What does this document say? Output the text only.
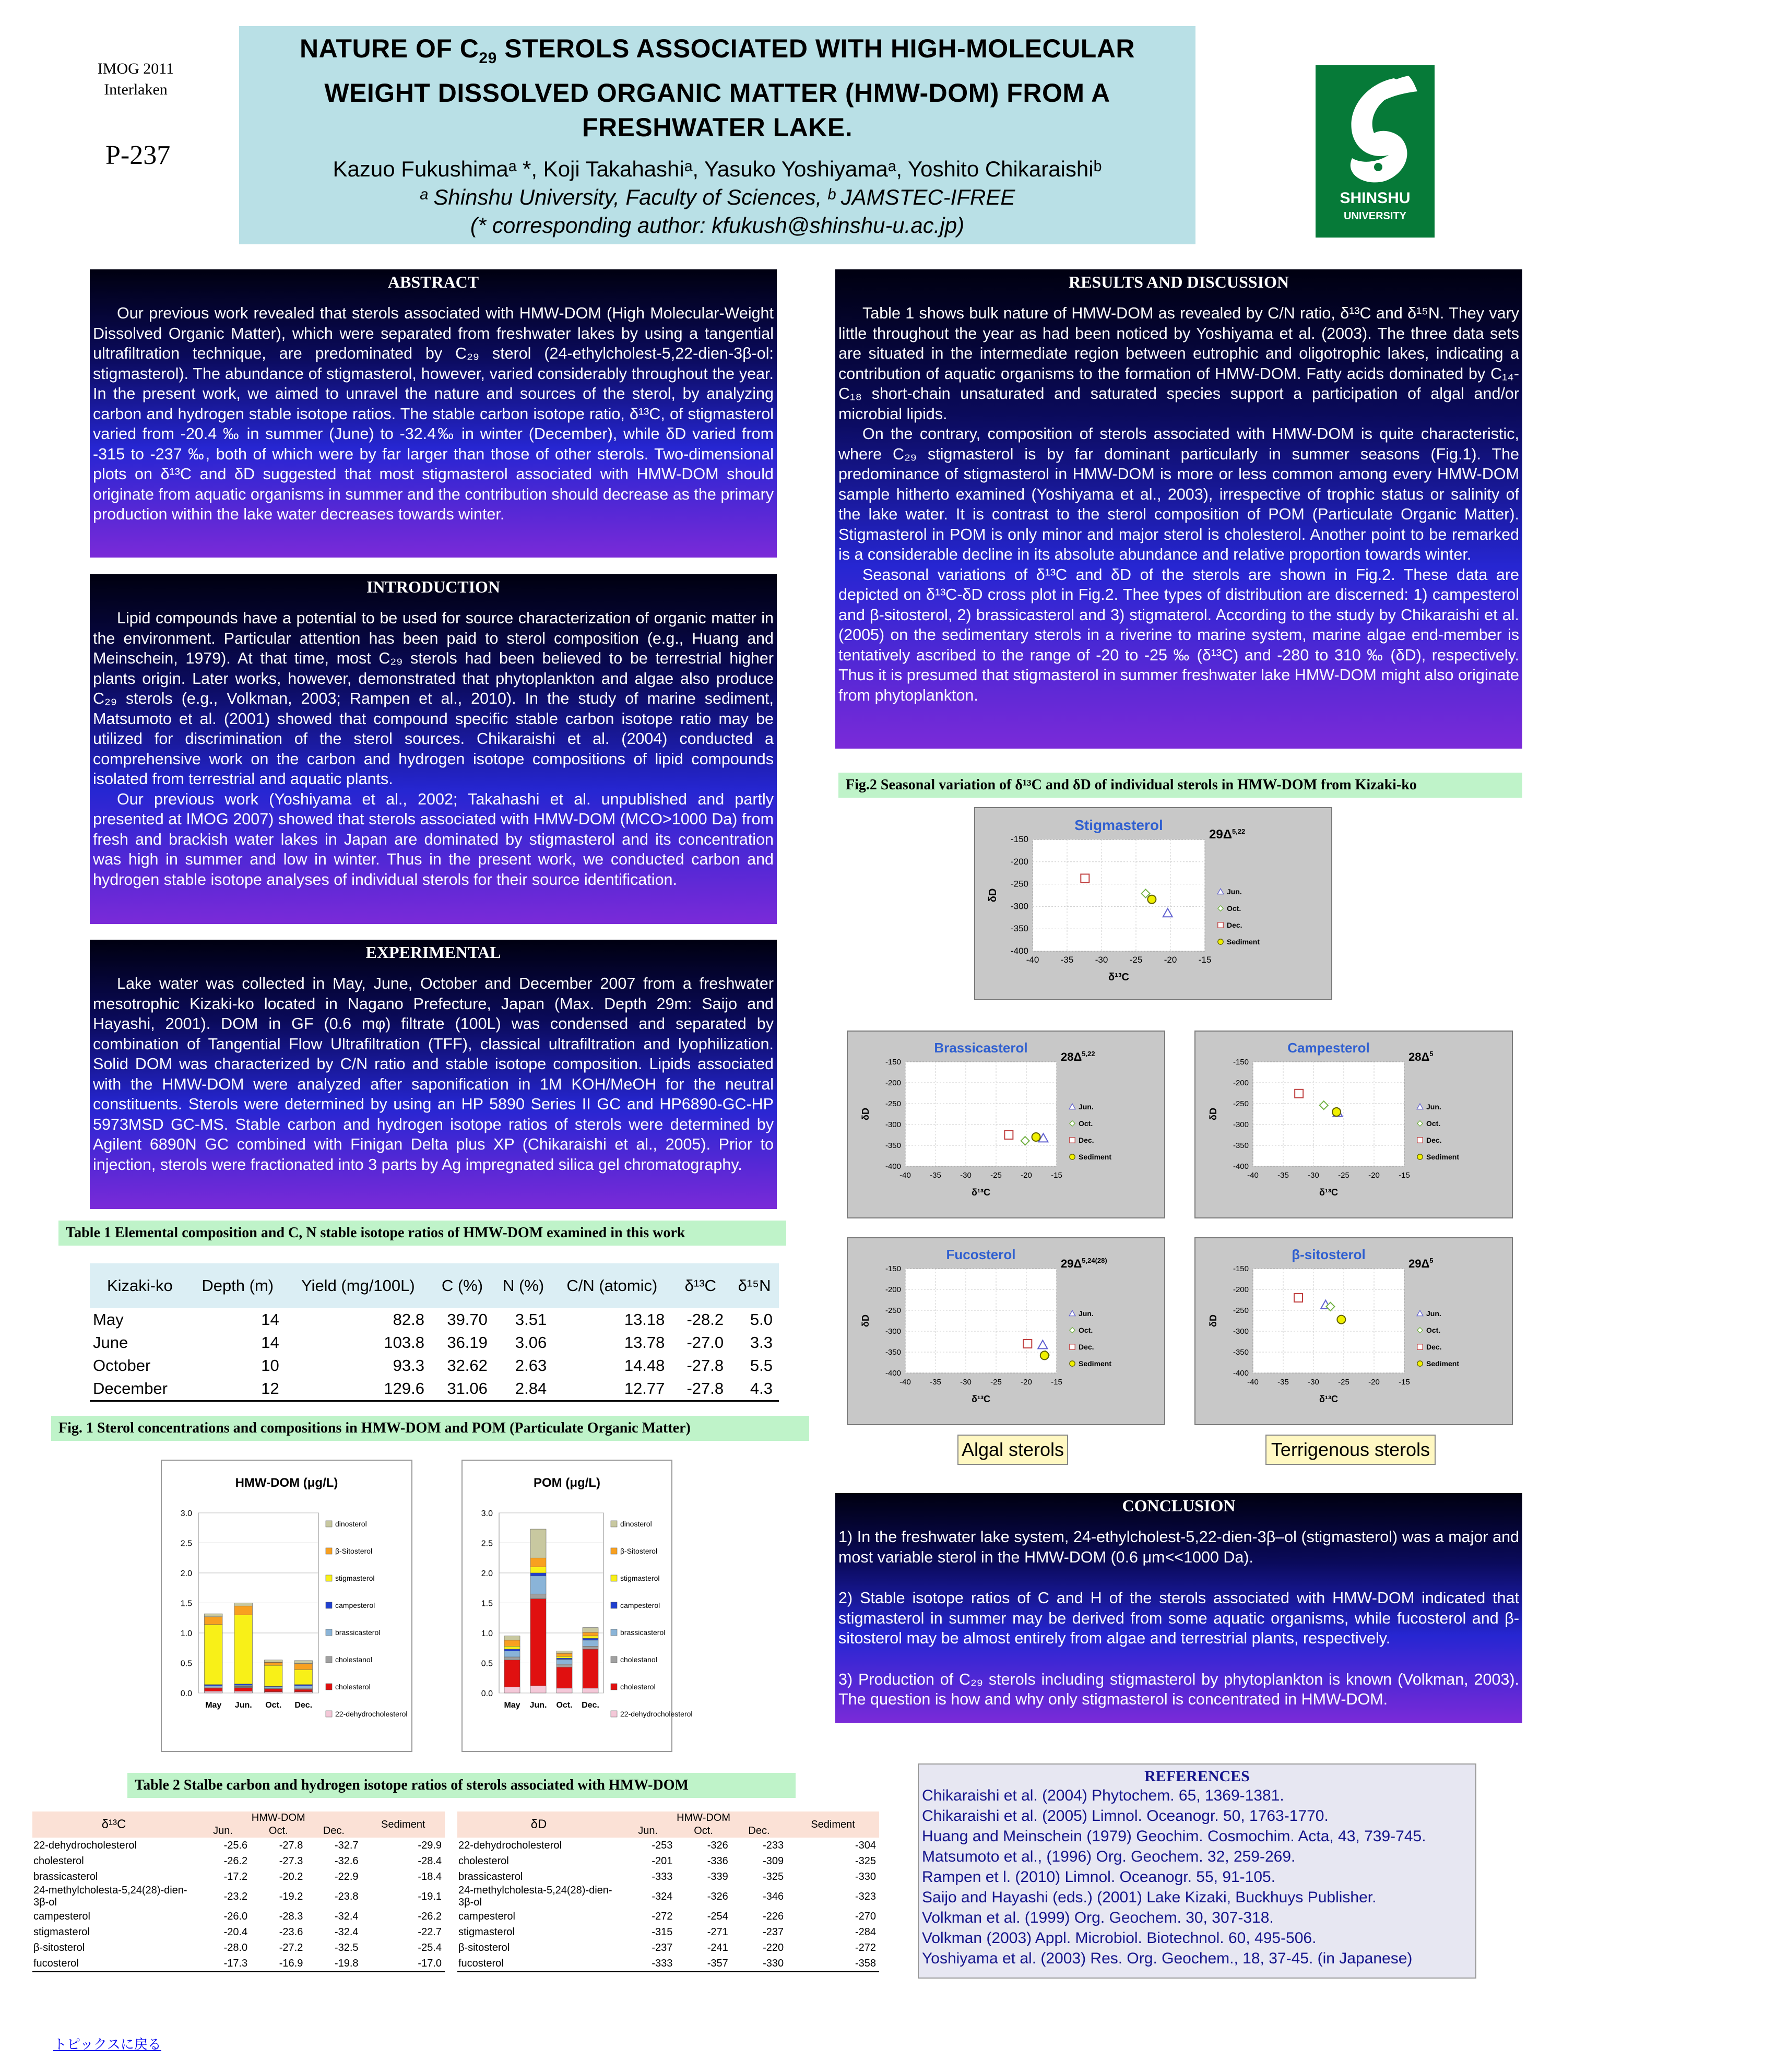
IMOG 2011
Interlaken
P-237
NATURE OF $C_{29}$ STEROLS ASSOCIATED WITH HIGH-MOLECULAR
WEIGHT DISSOLVED ORGANIC MATTER (HMW-DOM) FROM A
FRESHWATER LAKE.
Kazuo Fukushimaᵃ *, Koji Takahashiᵃ, Yasuko Yoshiyamaᵃ, Yoshito Chikaraishiᵇ
ᵃ Shinshu University, Faculty of Sciences, ᵇ JAMSTEC-IFREE
(* corresponding author: kfukush@shinshu-u.ac.jp)
SHINSHU
UNIVERSITY
ABSTRACT

Our previous work revealed that sterols associated with HMW-DOM (High Molecular-Weight Dissolved Organic Matter), which were separated from freshwater lakes by using a tangential ultrafiltration technique, are predominated by C₂₉ sterol (24-ethylcholest-5,22-dien-3β-ol: stigmasterol). The abundance of stigmasterol, however, varied considerably throughout the year. In the present work, we aimed to unravel the nature and sources of the sterol, by analyzing carbon and hydrogen stable isotope ratios. The stable carbon isotope ratio, δ¹³C, of stigmasterol varied from -20.4 ‰ in summer (June) to -32.4‰ in winter (December), while δD varied from -315 to -237 ‰, both of which were by far larger than those of other sterols. Two-dimensional plots on δ¹³C and δD suggested that most stigmasterol associated with HMW-DOM should originate from aquatic organisms in summer and the contribution should decrease as the primary production within the lake water decreases towards winter.

INTRODUCTION

Lipid compounds have a potential to be used for source characterization of organic matter in the environment. Particular attention has been paid to sterol composition (e.g., Huang and Meinschein, 1979). At that time, most C₂₉ sterols had been believed to be terrestrial higher plants origin. Later works, however, demonstrated that phytoplankton and algae also produce C₂₉ sterols (e.g., Volkman, 2003; Rampen et al., 2010). In the study of marine sediment, Matsumoto et al. (2001) showed that compound specific stable carbon isotope ratio may be utilized for discrimination of the sterol sources. Chikaraishi et al. (2004) conducted a comprehensive work on the carbon and hydrogen isotope compositions of lipid compounds isolated from terrestrial and aquatic plants.

Our previous work (Yoshiyama et al., 2002; Takahashi et al. unpublished and partly presented at IMOG 2007) showed that sterols associated with HMW-DOM (MCO>1000 Da) from fresh and brackish water lakes in Japan are dominated by stigmasterol and its concentration was high in summer and low in winter. Thus in the present work, we conducted carbon and hydrogen stable isotope analyses of individual sterols for their source identification.

EXPERIMENTAL

Lake water was collected in May, June, October and December 2007 from a freshwater mesotrophic Kizaki-ko located in Nagano Prefecture, Japan (Max. Depth 29m: Saijo and Hayashi, 2001). DOM in GF (0.6 mφ) filtrate (100L) was condensed and separated by combination of Tangential Flow Ultrafiltration (TFF), classical ultrafiltration and lyophilization. Solid DOM was characterized by C/N ratio and stable isotope composition. Lipids associated with the HMW-DOM were analyzed after saponification in 1M KOH/MeOH for the neutral constituents. Sterols were determined by using an HP 5890 Series II GC and HP6890-GC-HP 5973MSD GC-MS. Stable carbon and hydrogen isotope ratios of sterols were determined by Agilent 6890N GC combined with Finigan Delta plus XP (Chikaraishi et al., 2005). Prior to injection, sterols were fractionated into 3 parts by Ag impregnated silica gel chromatography.

Table 1 Elemental composition and C, N stable isotope ratios of HMW-DOM examined in this work
Kizaki-ko	Depth (m)	Yield (mg/100L)	C (%)	N (%)	C/N (atomic)	δ¹³C	δ¹⁵N
May	14	82.8	39.70	3.51	13.18	-28.2	5.0
June	14	103.8	36.19	3.06	13.78	-27.0	3.3
October	10	93.3	32.62	2.63	14.48	-27.8	5.5
December	12	129.6	31.06	2.84	12.77	-27.8	4.3
Fig. 1 Sterol concentrations and compositions in HMW-DOM and POM (Particulate Organic Matter)
HMW-DOM (μg/L)
0.0
0.5
1.0
1.5
2.0
2.5
3.0
May Jun. Oct. Dec.
dinosterol
β-Sitosterol
stigmasterol
campesterol
brassicasterol
cholestanol
cholesterol
22-dehydrocholesterol
POM (μg/L)
0.0
0.5
1.0
1.5
2.0
2.5
3.0
May Jun. Oct. Dec.
dinosterol
β-Sitosterol
stigmasterol
campesterol
brassicasterol
cholestanol
cholesterol
22-dehydrocholesterol
Table 2 Stalbe carbon and hydrogen isotope ratios of sterols associated with HMW-DOM
δ¹³C	HMW-DOM			Sediment
	Jun.	Oct.	Dec.	
22-dehydrocholesterol	-25.6	-27.8	-32.7	-29.9
cholesterol	-26.2	-27.3	-32.6	-28.4
brassicasterol	-17.2	-20.2	-22.9	-18.4
24-methylcholesta-5,24(28)-dien-3β-ol	-23.2	-19.2	-23.8	-19.1
campesterol	-26.0	-28.3	-32.4	-26.2
stigmasterol	-20.4	-23.6	-32.4	-22.7
β-sitosterol	-28.0	-27.2	-32.5	-25.4
fucosterol	-17.3	-16.9	-19.8	-17.0
δD	HMW-DOM			Sediment
	Jun.	Oct.	Dec.	
22-dehydrocholesterol	-253	-326	-233	-304
cholesterol	-201	-336	-309	-325
brassicasterol	-333	-339	-325	-330
24-methylcholesta-5,24(28)-dien-3β-ol	-324	-326	-346	-323
campesterol	-272	-254	-226	-270
stigmasterol	-315	-271	-237	-284
β-sitosterol	-237	-241	-220	-272
fucosterol	-333	-357	-330	-358
RESULTS AND DISCUSSION

Table 1 shows bulk nature of HMW-DOM as revealed by C/N ratio, δ¹³C and δ¹⁵N. They vary little throughout the year as had been noticed by Yoshiyama et al. (2003). The three data sets are situated in the intermediate region between eutrophic and oligotrophic lakes, indicating a contribution of aquatic organisms to the formation of HMW-DOM. Fatty acids dominated by C₁₄-C₁₈ short-chain unsaturated and saturated species support a participation of algal and/or microbial lipids.

On the contrary, composition of sterols associated with HMW-DOM is quite characteristic, where C₂₉ stigmasterol is by far dominant particularly in summer seasons (Fig.1). The predominance of stigmasterol in HMW-DOM is more or less common among every HMW-DOM sample hitherto examined (Yoshiyama et al., 2003), irrespective of trophic status or salinity of the lake water. It is contrast to the sterol composition of POM (Particulate Organic Matter). Stigmasterol in POM is only minor and major sterol is cholesterol. Another point to be remarked is a considerable decline in its absolute abundance and relative proportion towards winter.

Seasonal variations of δ¹³C and δD of the sterols are shown in Fig.2. These data are depicted on δ¹³C-δD cross plot in Fig.2. Thee types of distribution are discerned: 1) campesterol and β-sitosterol, 2) brassicasterol and 3) stigmaterol. According to the study by Chikaraishi et al. (2005) on the sedimentary sterols in a riverine to marine system, marine algae end-member is tentatively ascribed to the range of -20 to -25 ‰ (δ¹³C) and -280 to 310 ‰ (δD), respectively. Thus it is presumed that stigmasterol in summer freshwater lake HMW-DOM might also originate from phytoplankton.

Fig.2 Seasonal variation of δ¹³C and δD of individual sterols in HMW-DOM from Kizaki-ko
Stigmasterol
$29\Delta^{5,22}$
-40 -35 -30 -25 -20 -15
-150
-200
-250
-300
-350
-400
δ¹³C
δD	Jun.
Oct.
Dec.
Sediment
Brassicasterol
$28\Delta^{5,22}$
-40 -35 -30 -25 -20 -15
-150
-200
-250
-300
-350
-400
δ¹³C
δD
Jun.
Oct.
Dec.
Sediment
Campesterol
$28\Delta^5$
-40 -35 -30 -25 -20 -15
-150
-200
-250
-300
-350
-400
δ¹³C
δD
Jun.
Oct.
Dec.
Sediment
Fucosterol
$29\Delta^{5,24(28)}$
-40 -35 -30 -25 -20 -15
-150
-200
-250
-300
-350
-400
δ¹³C
δD
Jun.
Oct.
Dec.
Sediment
β-sitosterol
$29\Delta^5$
-40 -35 -30 -25 -20 -15
-150
-200
-250
-300
-350
-400
δ¹³C
δD
Jun.
Oct.
Dec.
Sediment
Algal sterols	Terrigenous sterols
CONCLUSION

1) In the freshwater lake system, 24-ethylcholest-5,22-dien-3β–ol (stigmasterol) was a major and most variable sterol in the HMW-DOM (0.6 μm<<1000 Da).

2) Stable isotope ratios of C and H of the sterols associated with HMW-DOM indicated that stigmasterol in summer may be derived from some aquatic organisms, while fucosterol and β-sitosterol may be almost entirely from algae and terrestrial plants, respectively.

3) Production of C₂₉ sterols including stigmasterol by phytoplankton is known (Volkman, 2003). The question is how and why only stigmasterol is concentrated in HMW-DOM.

REFERENCES
Chikaraishi et al. (2004) Phytochem. 65, 1369-1381.
Chikaraishi et al. (2005) Limnol. Oceanogr. 50, 1763-1770.
Huang and Meinschein (1979) Geochim. Cosmochim. Acta, 43, 739-745.
Matsumoto et al., (1996) Org. Geochem. 32, 259-269.
Rampen et l. (2010) Limnol. Oceanogr. 55, 91-105.
Saijo and Hayashi (eds.) (2001) Lake Kizaki, Buckhuys Publisher.
Volkman et al. (1999) Org. Geochem. 30, 307-318.
Volkman (2003) Appl. Microbiol. Biotechnol. 60, 495-506.
Yoshiyama et al. (2003) Res. Org. Geochem., 18, 37-45. (in Japanese)
トピックスに戻る
